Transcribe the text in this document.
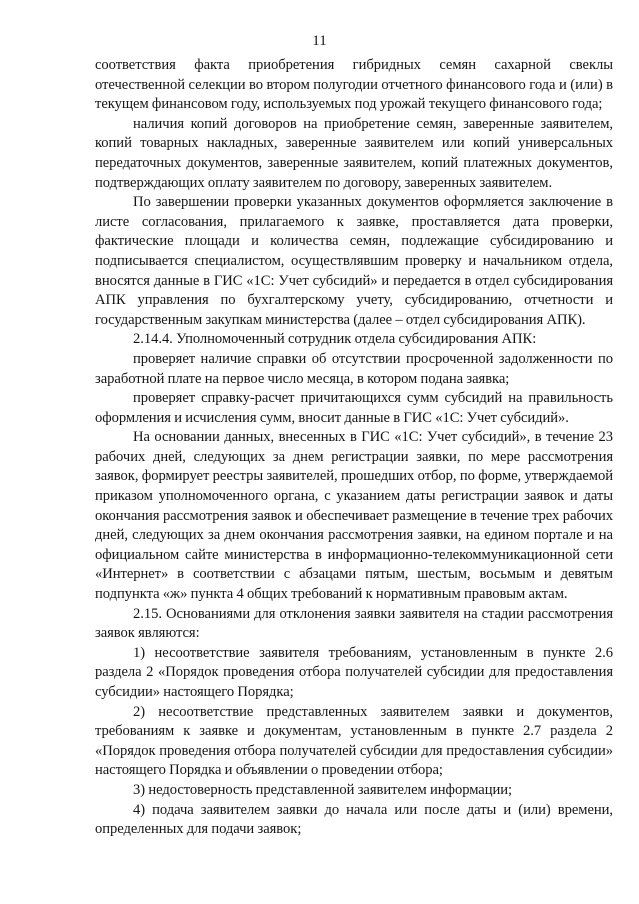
11

соответствия факта приобретения гибридных семян сахарной свеклы отечественной селекции во втором полугодии отчетного финансового года и (или) в текущем финансовом году, используемых под урожай текущего финансового года;

наличия копий договоров на приобретение семян, заверенные заявителем, копий товарных накладных, заверенные заявителем или копий универсальных передаточных документов, заверенные заявителем, копий платежных документов, подтверждающих оплату заявителем по договору, заверенных заявителем.

По завершении проверки указанных документов оформляется заключение в листе согласования, прилагаемого к заявке, проставляется дата проверки, фактические площади и количества семян, подлежащие субсидированию и подписывается специалистом, осуществлявшим проверку и начальником отдела, вносятся данные в ГИС «1С: Учет субсидий» и передается в отдел субсидирования АПК управления по бухгалтерскому учету, субсидированию, отчетности и государственным закупкам министерства (далее – отдел субсидирования АПК).

2.14.4. Уполномоченный сотрудник отдела субсидирования АПК:

проверяет наличие справки об отсутствии просроченной задолженности по заработной плате на первое число месяца, в котором подана заявка;

проверяет справку-расчет причитающихся сумм субсидий на правильность оформления и исчисления сумм, вносит данные в ГИС «1С: Учет субсидий».

На основании данных, внесенных в ГИС «1С: Учет субсидий», в течение 23 рабочих дней, следующих за днем регистрации заявки, по мере рассмотрения заявок, формирует реестры заявителей, прошедших отбор, по форме, утверждаемой приказом уполномоченного органа, с указанием даты регистрации заявок и даты окончания рассмотрения заявок и обеспечивает размещение в течение трех рабочих дней, следующих за днем окончания рассмотрения заявки, на едином портале и на официальном сайте министерства в информационно-телекоммуникационной сети «Интернет» в соответствии с абзацами пятым, шестым, восьмым и девятым подпункта «ж» пункта 4 общих требований к нормативным правовым актам.

2.15. Основаниями для отклонения заявки заявителя на стадии рассмотрения заявок являются:

1) несоответствие заявителя требованиям, установленным в пункте 2.6 раздела 2 «Порядок проведения отбора получателей субсидии для предоставления субсидии» настоящего Порядка;

2) несоответствие представленных заявителем заявки и документов, требованиям к заявке и документам, установленным в пункте 2.7 раздела 2 «Порядок проведения отбора получателей субсидии для предоставления субсидии» настоящего Порядка и объявлении о проведении отбора;

3) недостоверность представленной заявителем информации;

4) подача заявителем заявки до начала или после даты и (или) времени, определенных для подачи заявок;
